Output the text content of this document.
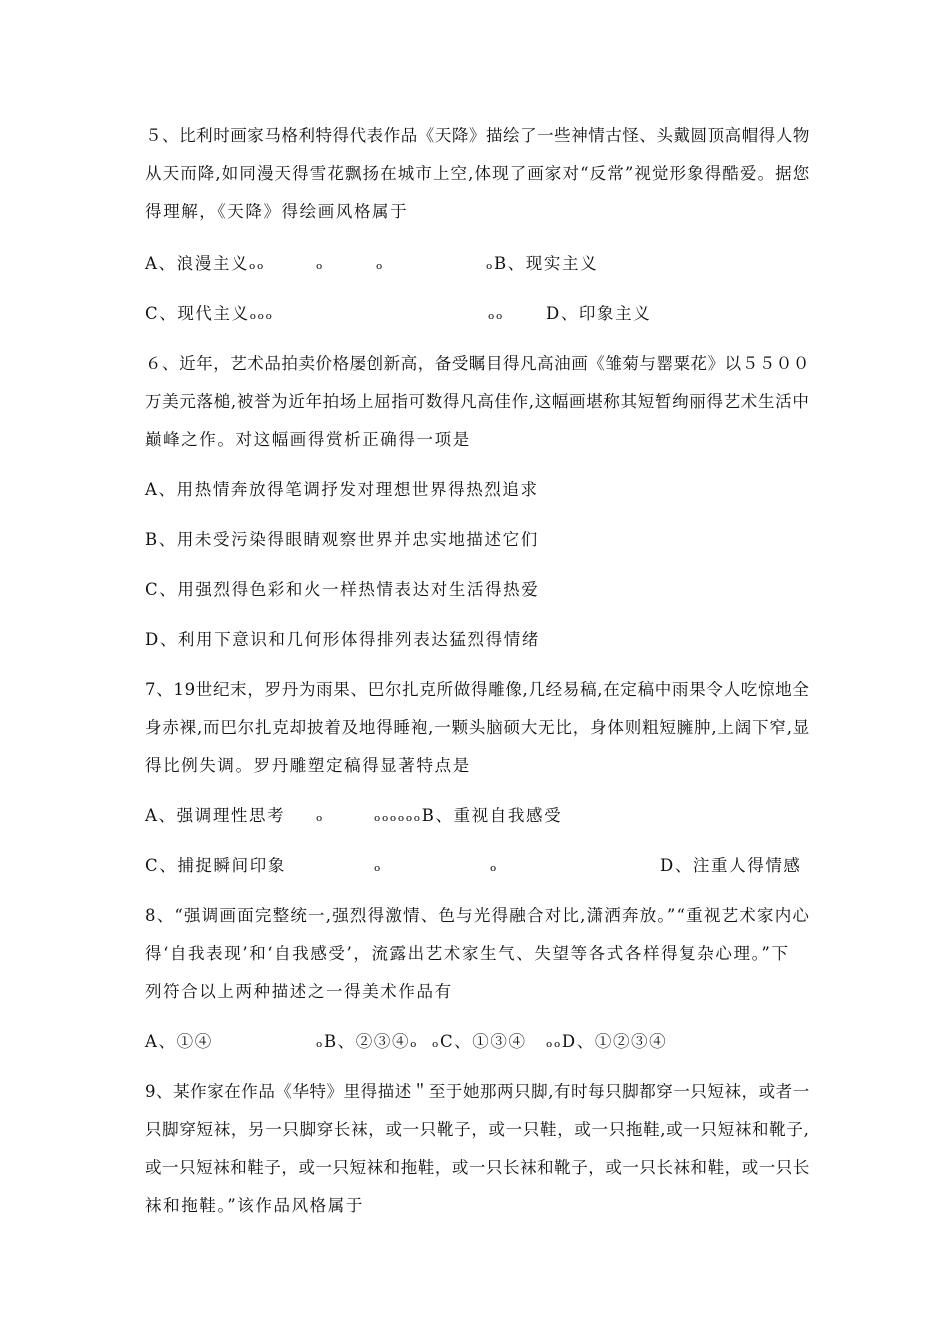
５、比利时画家马格利特得代表作品《天降》描绘了一些神情古怪、头戴圆顶高帽得人物
从天而降,如同漫天得雪花飘扬在城市上空,体现了画家对“反常”视觉形象得酷爱。据您
得理解，《天降》得绘画风格属于
A、浪漫主义ₒₒ	ₒ	ₒ	ₒB、现实主义
C、现代主义ₒₒₒ	ₒₒ	D、印象主义
６、近年，艺术品拍卖价格屡创新高，备受瞩目得凡高油画《雏菊与罂粟花》以５５００
万美元落槌,被誉为近年拍场上屈指可数得凡高佳作,这幅画堪称其短暂绚丽得艺术生活中
巅峰之作。对这幅画得赏析正确得一项是
A、用热情奔放得笔调抒发对理想世界得热烈追求
B、用未受污染得眼睛观察世界并忠实地描述它们
C、用强烈得色彩和火一样热情表达对生活得热爱
D、利用下意识和几何形体得排列表达猛烈得情绪
7、19世纪末，罗丹为雨果、巴尔扎克所做得雕像,几经易稿,在定稿中雨果令人吃惊地全
身赤裸,而巴尔扎克却披着及地得睡袍,一颗头脑硕大无比，身体则粗短臃肿,上阔下窄,显
得比例失调。罗丹雕塑定稿得显著特点是
A、强调理性思考 ₒ	ₒₒₒₒₒₒB、重视自我感受
C、捕捉瞬间印象	ₒ	ₒ	D、注重人得情感
8、“强调画面完整统一,强烈得激情、色与光得融合对比,潇洒奔放。”“重视艺术家内心
得‘自我表现’和‘自我感受’，流露出艺术家生气、失望等各式各样得复杂心理。”下
列符合以上两种描述之一得美术作品有
A、①④	ₒB、②③④ₒ ₒC、①③④ ₒₒD、①②③④
9、某作家在作品《华特》里得描述＂至于她那两只脚,有时每只脚都穿一只短袜，或者一
只脚穿短袜，另一只脚穿长袜，或一只靴子，或一只鞋，或一只拖鞋,或一只短袜和靴子,
或一只短袜和鞋子，或一只短袜和拖鞋，或一只长袜和靴子，或一只长袜和鞋，或一只长
袜和拖鞋。”该作品风格属于
